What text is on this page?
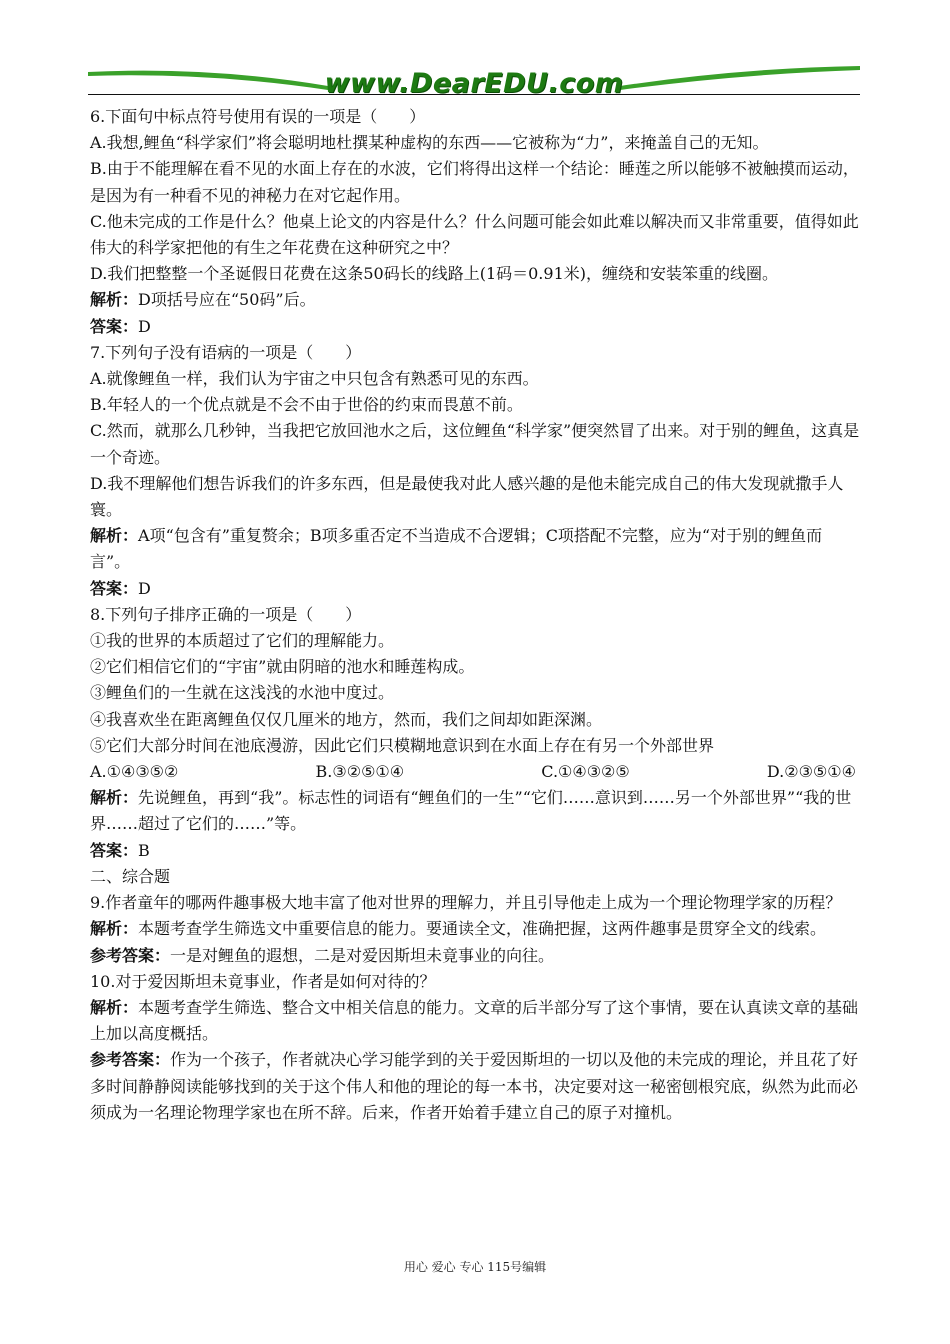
www.DearEDU.com

6.下面句中标点符号使用有误的一项是（　　）

A.我想,鲤鱼“科学家们”将会聪明地杜撰某种虚构的东西——它被称为“力”，来掩盖自己的无知。

B.由于不能理解在看不见的水面上存在的水波，它们将得出这样一个结论：睡莲之所以能够不被触摸而运动，是因为有一种看不见的神秘力在对它起作用。

C.他未完成的工作是什么？他桌上论文的内容是什么？什么问题可能会如此难以解决而又非常重要，值得如此伟大的科学家把他的有生之年花费在这种研究之中？

D.我们把整整一个圣诞假日花费在这条50码长的线路上(1码＝0.91米)，缠绕和安装笨重的线圈。

解析：D项括号应在“50码”后。

答案：D

7.下列句子没有语病的一项是（　　）

A.就像鲤鱼一样，我们认为宇宙之中只包含有熟悉可见的东西。

B.年轻人的一个优点就是不会不由于世俗的约束而畏葸不前。

C.然而，就那么几秒钟，当我把它放回池水之后，这位鲤鱼“科学家”便突然冒了出来。对于别的鲤鱼，这真是一个奇迹。

D.我不理解他们想告诉我们的许多东西，但是最使我对此人感兴趣的是他未能完成自己的伟大发现就撒手人寰。

解析：A项“包含有”重复赘余；B项多重否定不当造成不合逻辑；C项搭配不完整，应为“对于别的鲤鱼而言”。

答案：D

8.下列句子排序正确的一项是（　　）

①我的世界的本质超过了它们的理解能力。

②它们相信它们的“宇宙”就由阴暗的池水和睡莲构成。

③鲤鱼们的一生就在这浅浅的水池中度过。

④我喜欢坐在距离鲤鱼仅仅几厘米的地方，然而，我们之间却如距深渊。

⑤它们大部分时间在池底漫游，因此它们只模糊地意识到在水面上存在有另一个外部世界

A.①④③⑤②	B.③②⑤①④	C.①④③②⑤	D.②③⑤①④

解析：先说鲤鱼，再到“我”。标志性的词语有“鲤鱼们的一生”“它们……意识到……另一个外部世界”“我的世界……超过了它们的……”等。

答案：B

二、综合题

9.作者童年的哪两件趣事极大地丰富了他对世界的理解力，并且引导他走上成为一个理论物理学家的历程？

解析：本题考查学生筛选文中重要信息的能力。要通读全文，准确把握，这两件趣事是贯穿全文的线索。

参考答案：一是对鲤鱼的遐想，二是对爱因斯坦未竟事业的向往。

10.对于爱因斯坦未竟事业，作者是如何对待的？

解析：本题考查学生筛选、整合文中相关信息的能力。文章的后半部分写了这个事情，要在认真读文章的基础上加以高度概括。

参考答案：作为一个孩子，作者就决心学习能学到的关于爱因斯坦的一切以及他的未完成的理论，并且花了好多时间静静阅读能够找到的关于这个伟人和他的理论的每一本书，决定要对这一秘密刨根究底，纵然为此而必须成为一名理论物理学家也在所不辞。后来，作者开始着手建立自己的原子对撞机。

用心 爱心 专心 115号编辑
